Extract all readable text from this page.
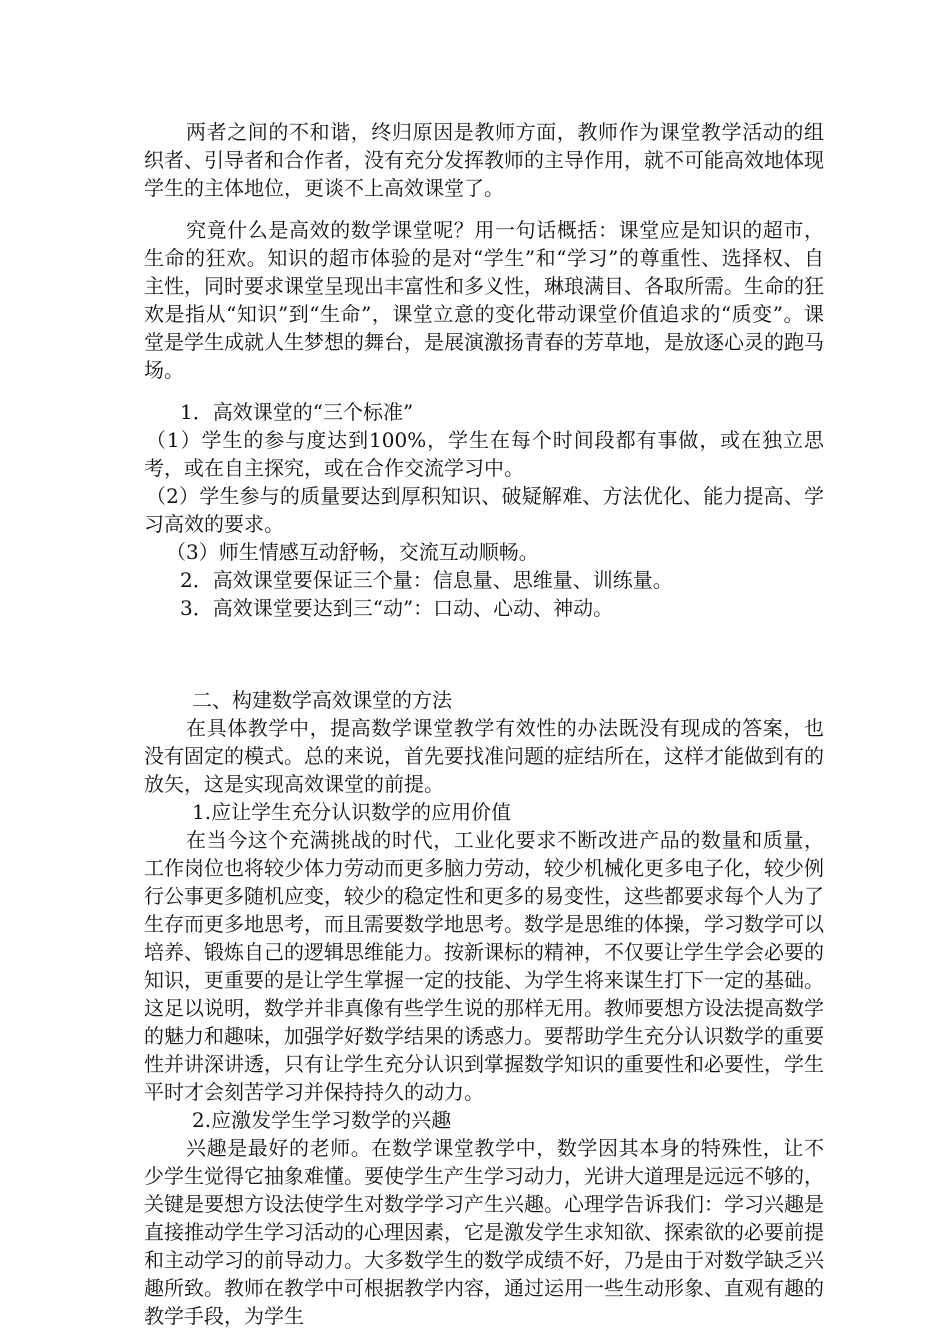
两者之间的不和谐，终归原因是教师方面，教师作为课堂教学活动的组织者、引导者和合作者，没有充分发挥教师的主导作用，就不可能高效地体现学生的主体地位，更谈不上高效课堂了。

究竟什么是高效的数学课堂呢？用一句话概括：课堂应是知识的超市，生命的狂欢。知识的超市体验的是对“学生”和“学习”的尊重性、选择权、自主性，同时要求课堂呈现出丰富性和多义性，琳琅满目、各取所需。生命的狂欢是指从“知识”到“生命”，课堂立意的变化带动课堂价值追求的“质变”。课堂是学生成就人生梦想的舞台，是展演激扬青春的芳草地，是放逐心灵的跑马场。

1．高效课堂的“三个标准”

（1）学生的参与度达到100%，学生在每个时间段都有事做，或在独立思考，或在自主探究，或在合作交流学习中。

（2）学生参与的质量要达到厚积知识、破疑解难、方法优化、能力提高、学习高效的要求。

（3）师生情感互动舒畅，交流互动顺畅。

2．高效课堂要保证三个量：信息量、思维量、训练量。

3．高效课堂要达到三“动”：口动、心动、神动。

二、构建数学高效课堂的方法

在具体教学中，提高数学课堂教学有效性的办法既没有现成的答案，也没有固定的模式。总的来说，首先要找准问题的症结所在，这样才能做到有的放矢，这是实现高效课堂的前提。

1.应让学生充分认识数学的应用价值

在当今这个充满挑战的时代，工业化要求不断改进产品的数量和质量，工作岗位也将较少体力劳动而更多脑力劳动，较少机械化更多电子化，较少例行公事更多随机应变，较少的稳定性和更多的易变性，这些都要求每个人为了生存而更多地思考，而且需要数学地思考。数学是思维的体操，学习数学可以培养、锻炼自己的逻辑思维能力。按新课标的精神，不仅要让学生学会必要的知识，更重要的是让学生掌握一定的技能、为学生将来谋生打下一定的基础。这足以说明，数学并非真像有些学生说的那样无用。教师要想方设法提高数学的魅力和趣味，加强学好数学结果的诱惑力。要帮助学生充分认识数学的重要性并讲深讲透，只有让学生充分认识到掌握数学知识的重要性和必要性，学生平时才会刻苦学习并保持持久的动力。

2.应激发学生学习数学的兴趣

兴趣是最好的老师。在数学课堂教学中，数学因其本身的特殊性，让不少学生觉得它抽象难懂。要使学生产生学习动力，光讲大道理是远远不够的，关键是要想方设法使学生对数学学习产生兴趣。心理学告诉我们：学习兴趣是直接推动学生学习活动的心理因素，它是激发学生求知欲、探索欲的必要前提和主动学习的前导动力。大多数学生的数学成绩不好，乃是由于对数学缺乏兴趣所致。教师在教学中可根据教学内容，通过运用一些生动形象、直观有趣的教学手段，为学生
